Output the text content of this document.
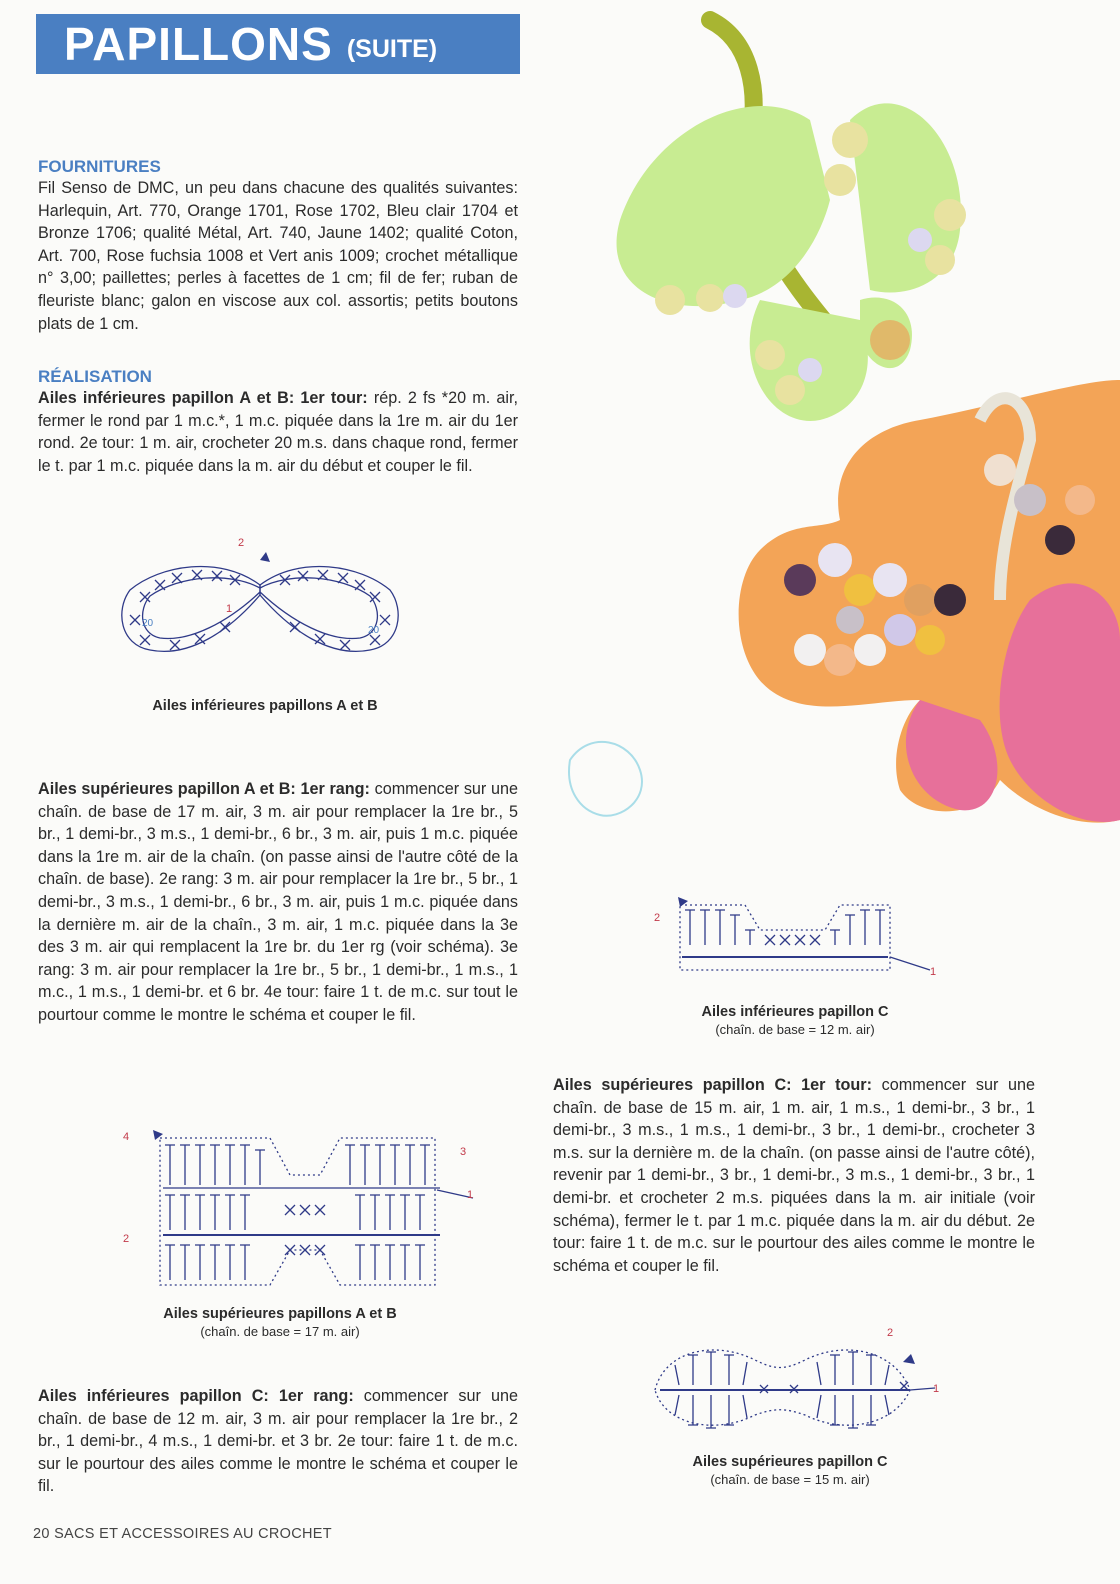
PAPILLONS (SUITE)
FOURNITURES
Fil Senso de DMC, un peu dans chacune des qualités suivantes: Harlequin, Art. 770, Orange 1701, Rose 1702, Bleu clair 1704 et Bronze 1706; qualité Métal, Art. 740, Jaune 1402; qualité Coton, Art. 700, Rose fuchsia 1008 et Vert anis 1009; crochet métallique n° 3,00; paillettes; perles à facettes de 1 cm; fil de fer; ruban de fleuriste blanc; galon en viscose aux col. assortis; petits boutons plats de 1 cm.
RÉALISATION
Ailes inférieures papillon A et B: 1er tour: rép. 2 fs *20 m. air, fermer le rond par 1 m.c.*, 1 m.c. piquée dans la 1re m. air du 1er rond. 2e tour: 1 m. air, crocheter 20 m.s. dans chaque rond, fermer le t. par 1 m.c. piquée dans la m. air du début et couper le fil.
2
1
20
20
Ailes inférieures papillons A et B
Ailes supérieures papillon A et B: 1er rang: commencer sur une chaîn. de base de 17 m. air, 3 m. air pour remplacer la 1re br., 5 br., 1 demi-br., 3 m.s., 1 demi-br., 6 br., 3 m. air, puis 1 m.c. piquée dans la 1re m. air de la chaîn. (on passe ainsi de l'autre côté de la chaîn. de base). 2e rang: 3 m. air pour remplacer la 1re br., 5 br., 1 demi-br., 3 m.s., 1 demi-br., 6 br., 3 m. air, puis 1 m.c. piquée dans la dernière m. air de la chaîn., 3 m. air, 1 m.c. piquée dans la 3e des 3 m. air qui remplacent la 1re br. du 1er rg (voir schéma). 3e rang: 3 m. air pour remplacer la 1re br., 5 br., 1 demi-br., 1 m.s., 1 m.c., 1 m.s., 1 demi-br. et 6 br. 4e tour: faire 1 t. de m.c. sur tout le pourtour comme le montre le schéma et couper le fil.
4
3
1
2
Ailes supérieures papillons A et B
(chaîn. de base = 17 m. air)
Ailes inférieures papillon C: 1er rang: commencer sur une chaîn. de base de 12 m. air, 3 m. air pour remplacer la 1re br., 2 br., 1 demi-br., 4 m.s., 1 demi-br. et 3 br. 2e tour: faire 1 t. de m.c. sur le pourtour des ailes comme le montre le schéma et couper le fil.
2
1
Ailes inférieures papillon C
(chaîn. de base = 12 m. air)
Ailes supérieures papillon C: 1er tour: commencer sur une chaîn. de base de 15 m. air, 1 m. air, 1 m.s., 1 demi-br., 3 br., 1 demi-br., 3 m.s., 1 m.s., 1 demi-br., 3 br., 1 demi-br., crocheter 3 m.s. sur la dernière m. de la chaîn. (on passe ainsi de l'autre côté), revenir par 1 demi-br., 3 br., 1 demi-br., 3 m.s., 1 demi-br., 3 br., 1 demi-br. et crocheter 2 m.s. piquées dans la m. air initiale (voir schéma), fermer le t. par 1 m.c. piquée dans la m. air du début. 2e tour: faire 1 t. de m.c. sur le pourtour des ailes comme le montre le schéma et couper le fil.
2
1
Ailes supérieures papillon C
(chaîn. de base = 15 m. air)
20 SACS ET ACCESSOIRES AU CROCHET
